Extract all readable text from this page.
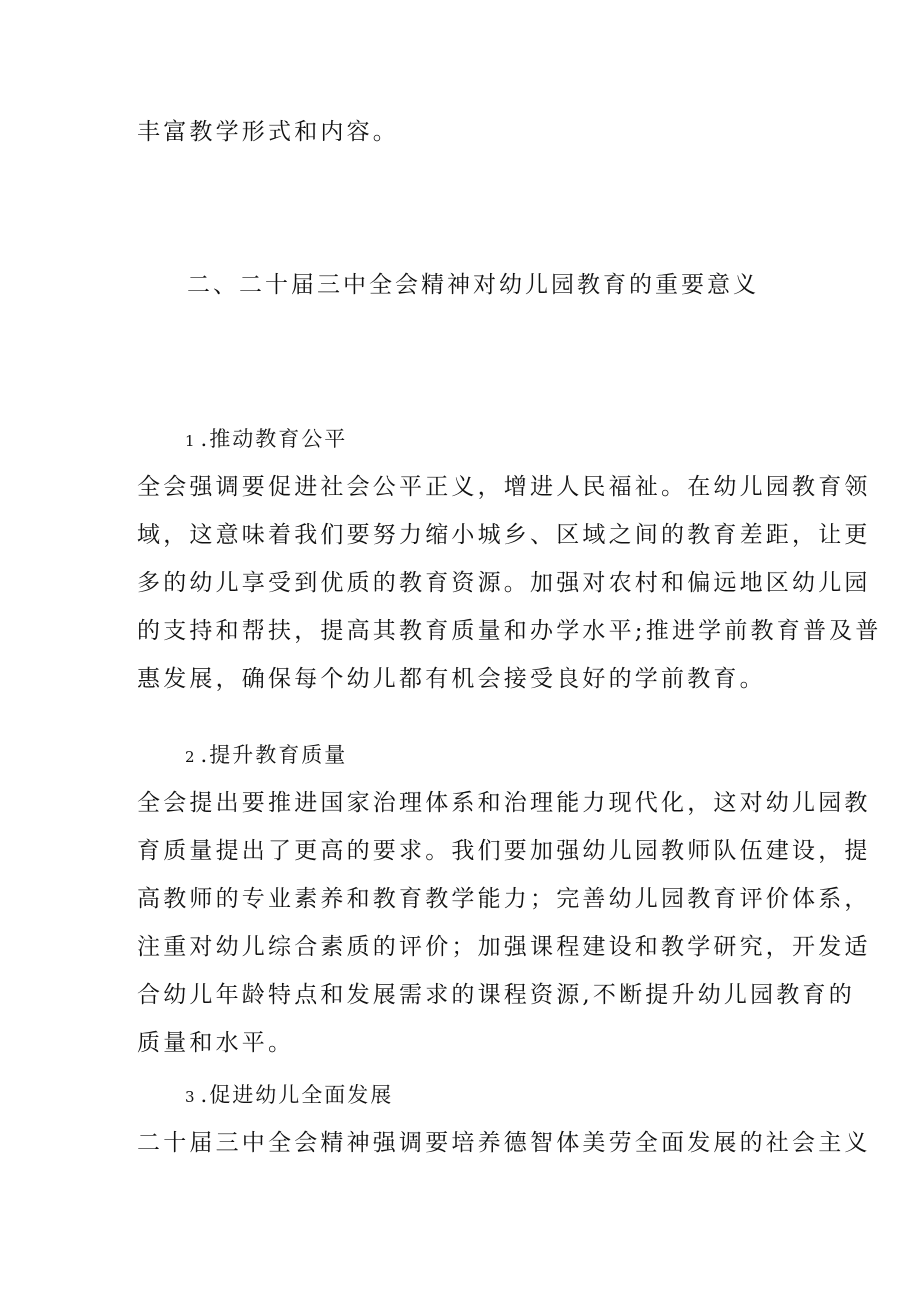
丰富教学形式和内容。
二、二十届三中全会精神对幼儿园教育的重要意义
1 .推动教育公平
全会强调要促进社会公平正义，增进人民福祉。在幼儿园教育领
域，这意味着我们要努力缩小城乡、区域之间的教育差距，让更
多的幼儿享受到优质的教育资源。加强对农村和偏远地区幼儿园
的支持和帮扶，提高其教育质量和办学水平;推进学前教育普及普
惠发展，确保每个幼儿都有机会接受良好的学前教育。
2 .提升教育质量
全会提出要推进国家治理体系和治理能力现代化，这对幼儿园教
育质量提出了更高的要求。我们要加强幼儿园教师队伍建设，提
高教师的专业素养和教育教学能力；完善幼儿园教育评价体系，
注重对幼儿综合素质的评价；加强课程建设和教学研究，开发适
合幼儿年龄特点和发展需求的课程资源,不断提升幼儿园教育的
质量和水平。
3 .促进幼儿全面发展
二十届三中全会精神强调要培养德智体美劳全面发展的社会主义
